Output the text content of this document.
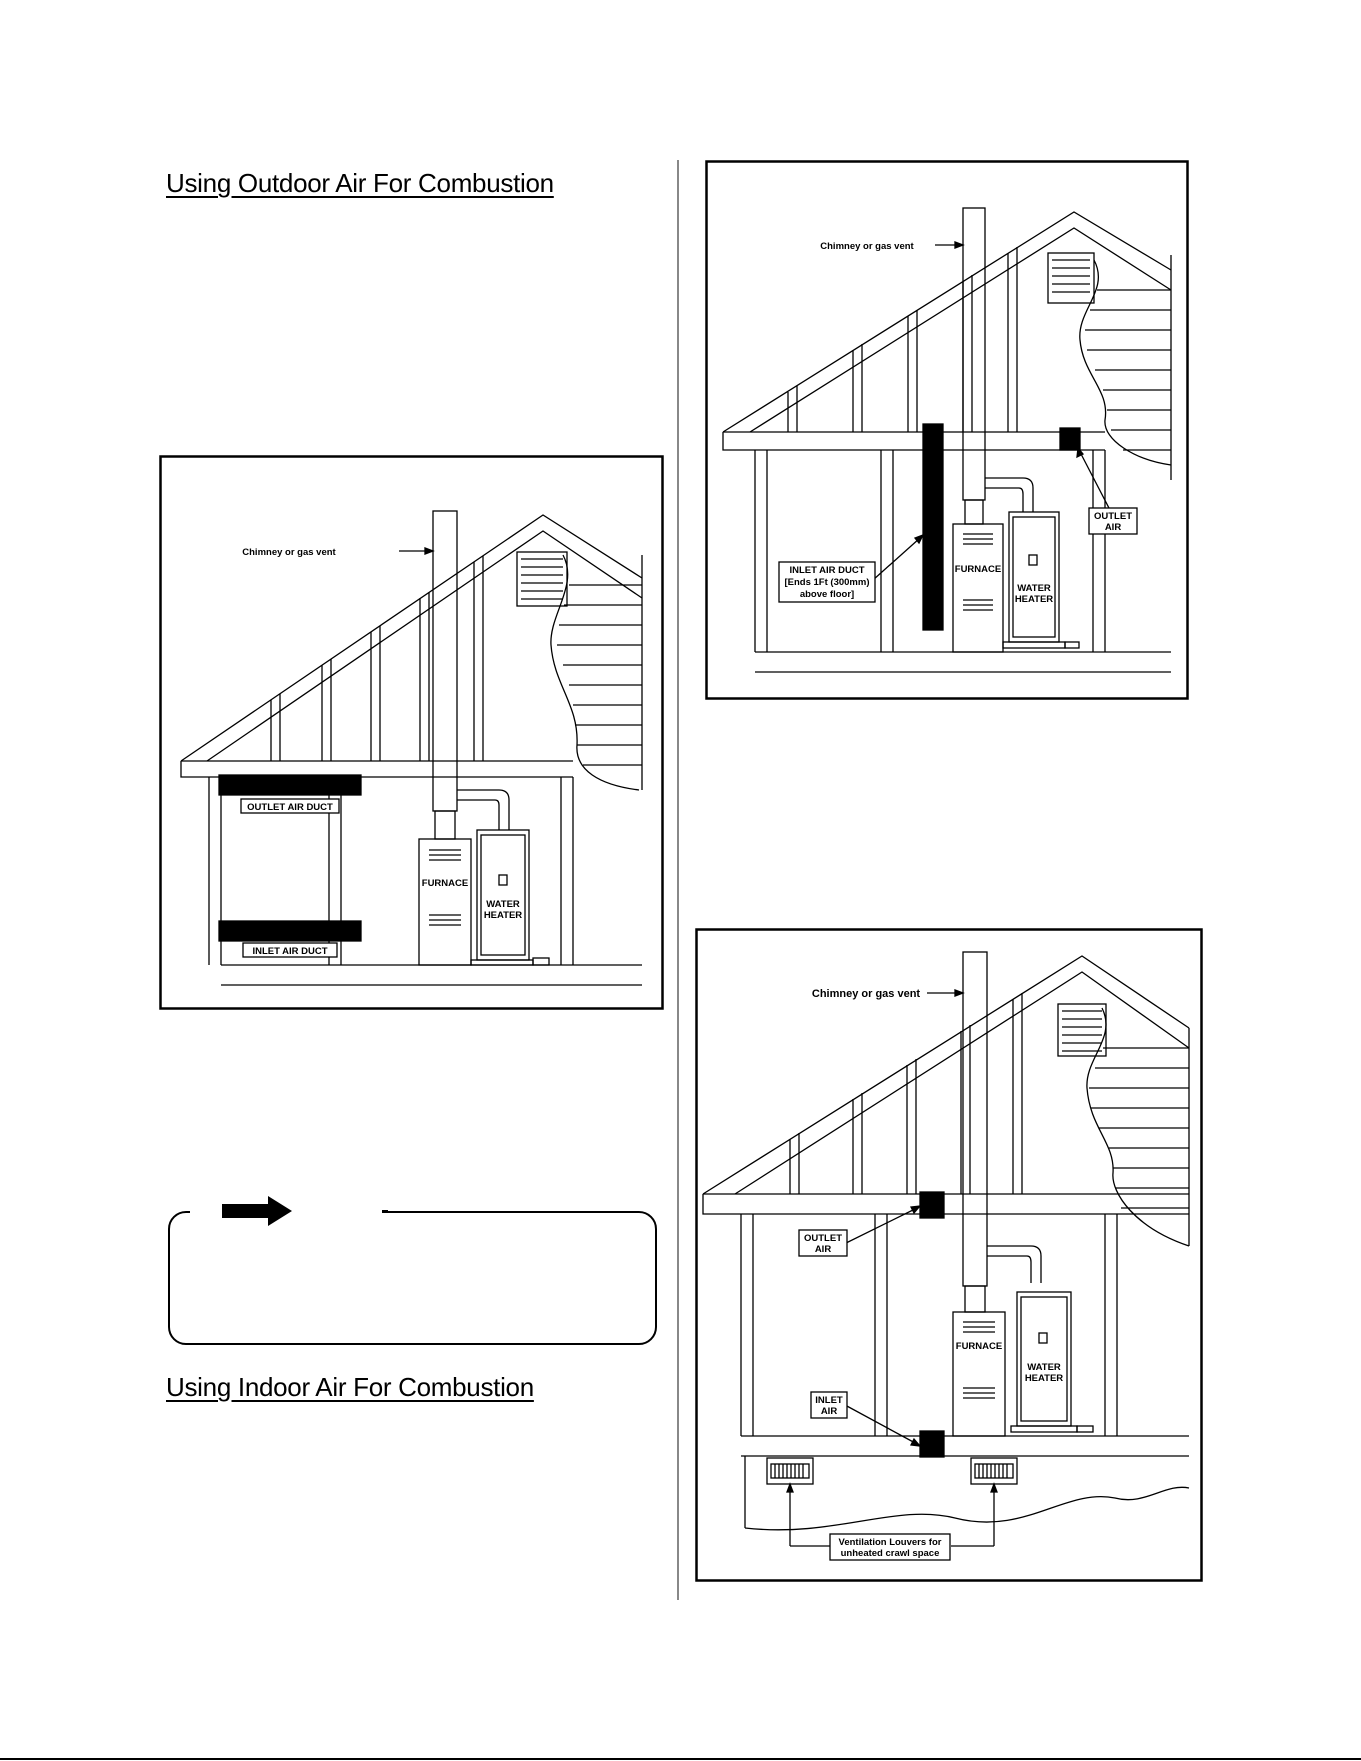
Using Outdoor Air For Combustion
Using Indoor Air For Combustion
Chimney or gas vent
OUTLET AIR DUCT
INLET AIR DUCT
FURNACE
WATER
HEATER
Chimney or gas vent
INLET AIR DUCT
[Ends 1Ft (300mm)
above floor]
OUTLET
AIR
FURNACE
WATER
HEATER
Chimney or gas vent
OUTLET
AIR
INLET
AIR
FURNACE
WATER
HEATER
Ventilation Louvers for
unheated crawl space
